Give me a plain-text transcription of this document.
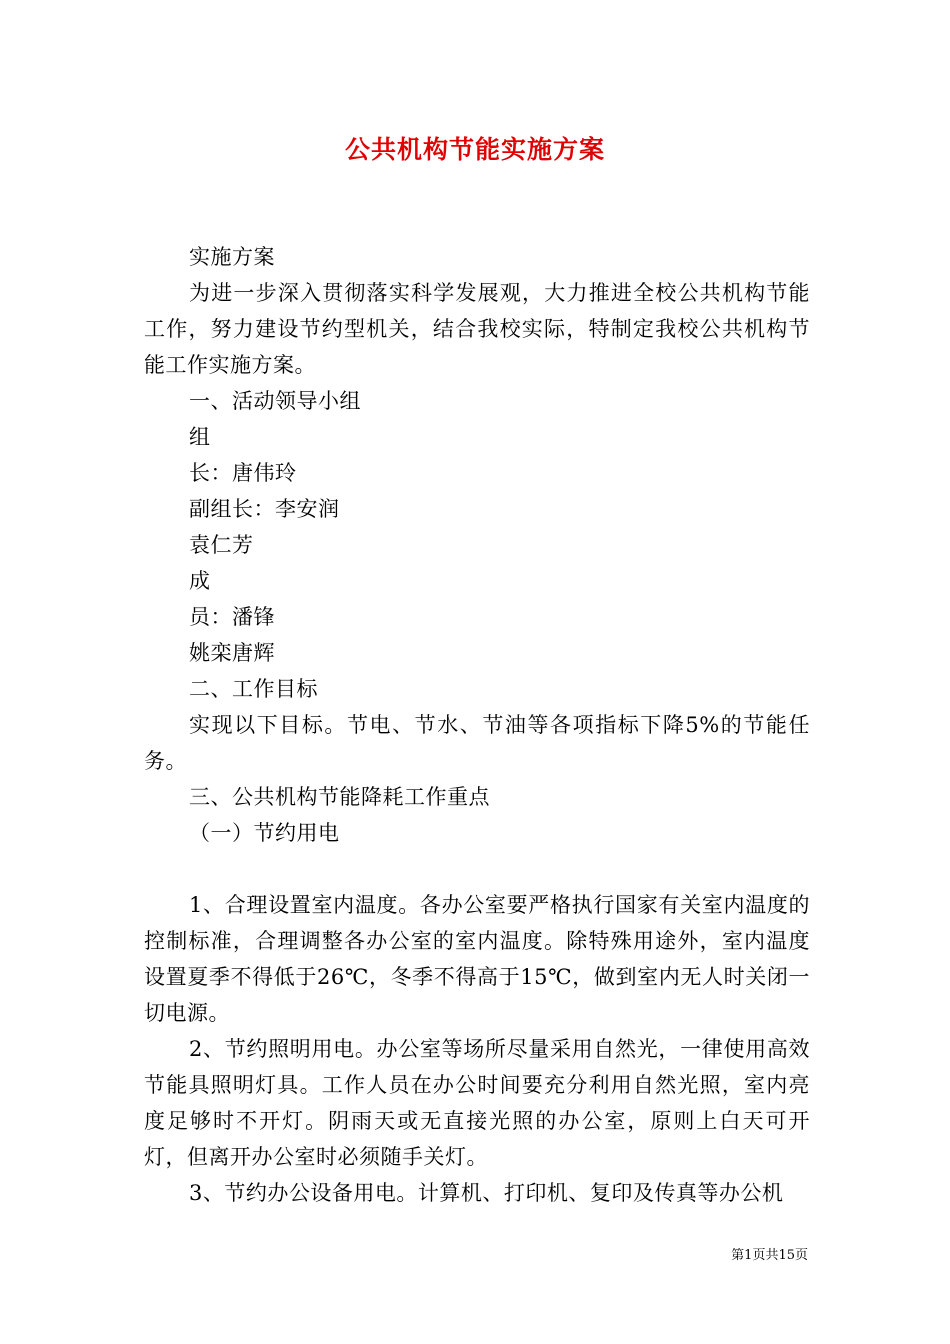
公共机构节能实施方案

实施方案

为进一步深入贯彻落实科学发展观，大力推进全校公共机构节能工作，努力建设节约型机关，结合我校实际，特制定我校公共机构节能工作实施方案。

一、活动领导小组

组

长：唐伟玲

副组长：李安润

袁仁芳

成

员：潘锋

姚栾唐辉

二、工作目标

实现以下目标。节电、节水、节油等各项指标下降5%的节能任务。

三、公共机构节能降耗工作重点

（一）节约用电

1、合理设置室内温度。各办公室要严格执行国家有关室内温度的控制标准，合理调整各办公室的室内温度。除特殊用途外，室内温度设置夏季不得低于26℃，冬季不得高于15℃，做到室内无人时关闭一切电源。

2、节约照明用电。办公室等场所尽量采用自然光，一律使用高效节能具照明灯具。工作人员在办公时间要充分利用自然光照，室内亮度足够时不开灯。阴雨天或无直接光照的办公室，原则上白天可开灯，但离开办公室时必须随手关灯。

3、节约办公设备用电。计算机、打印机、复印及传真等办公机

第1页共15页
